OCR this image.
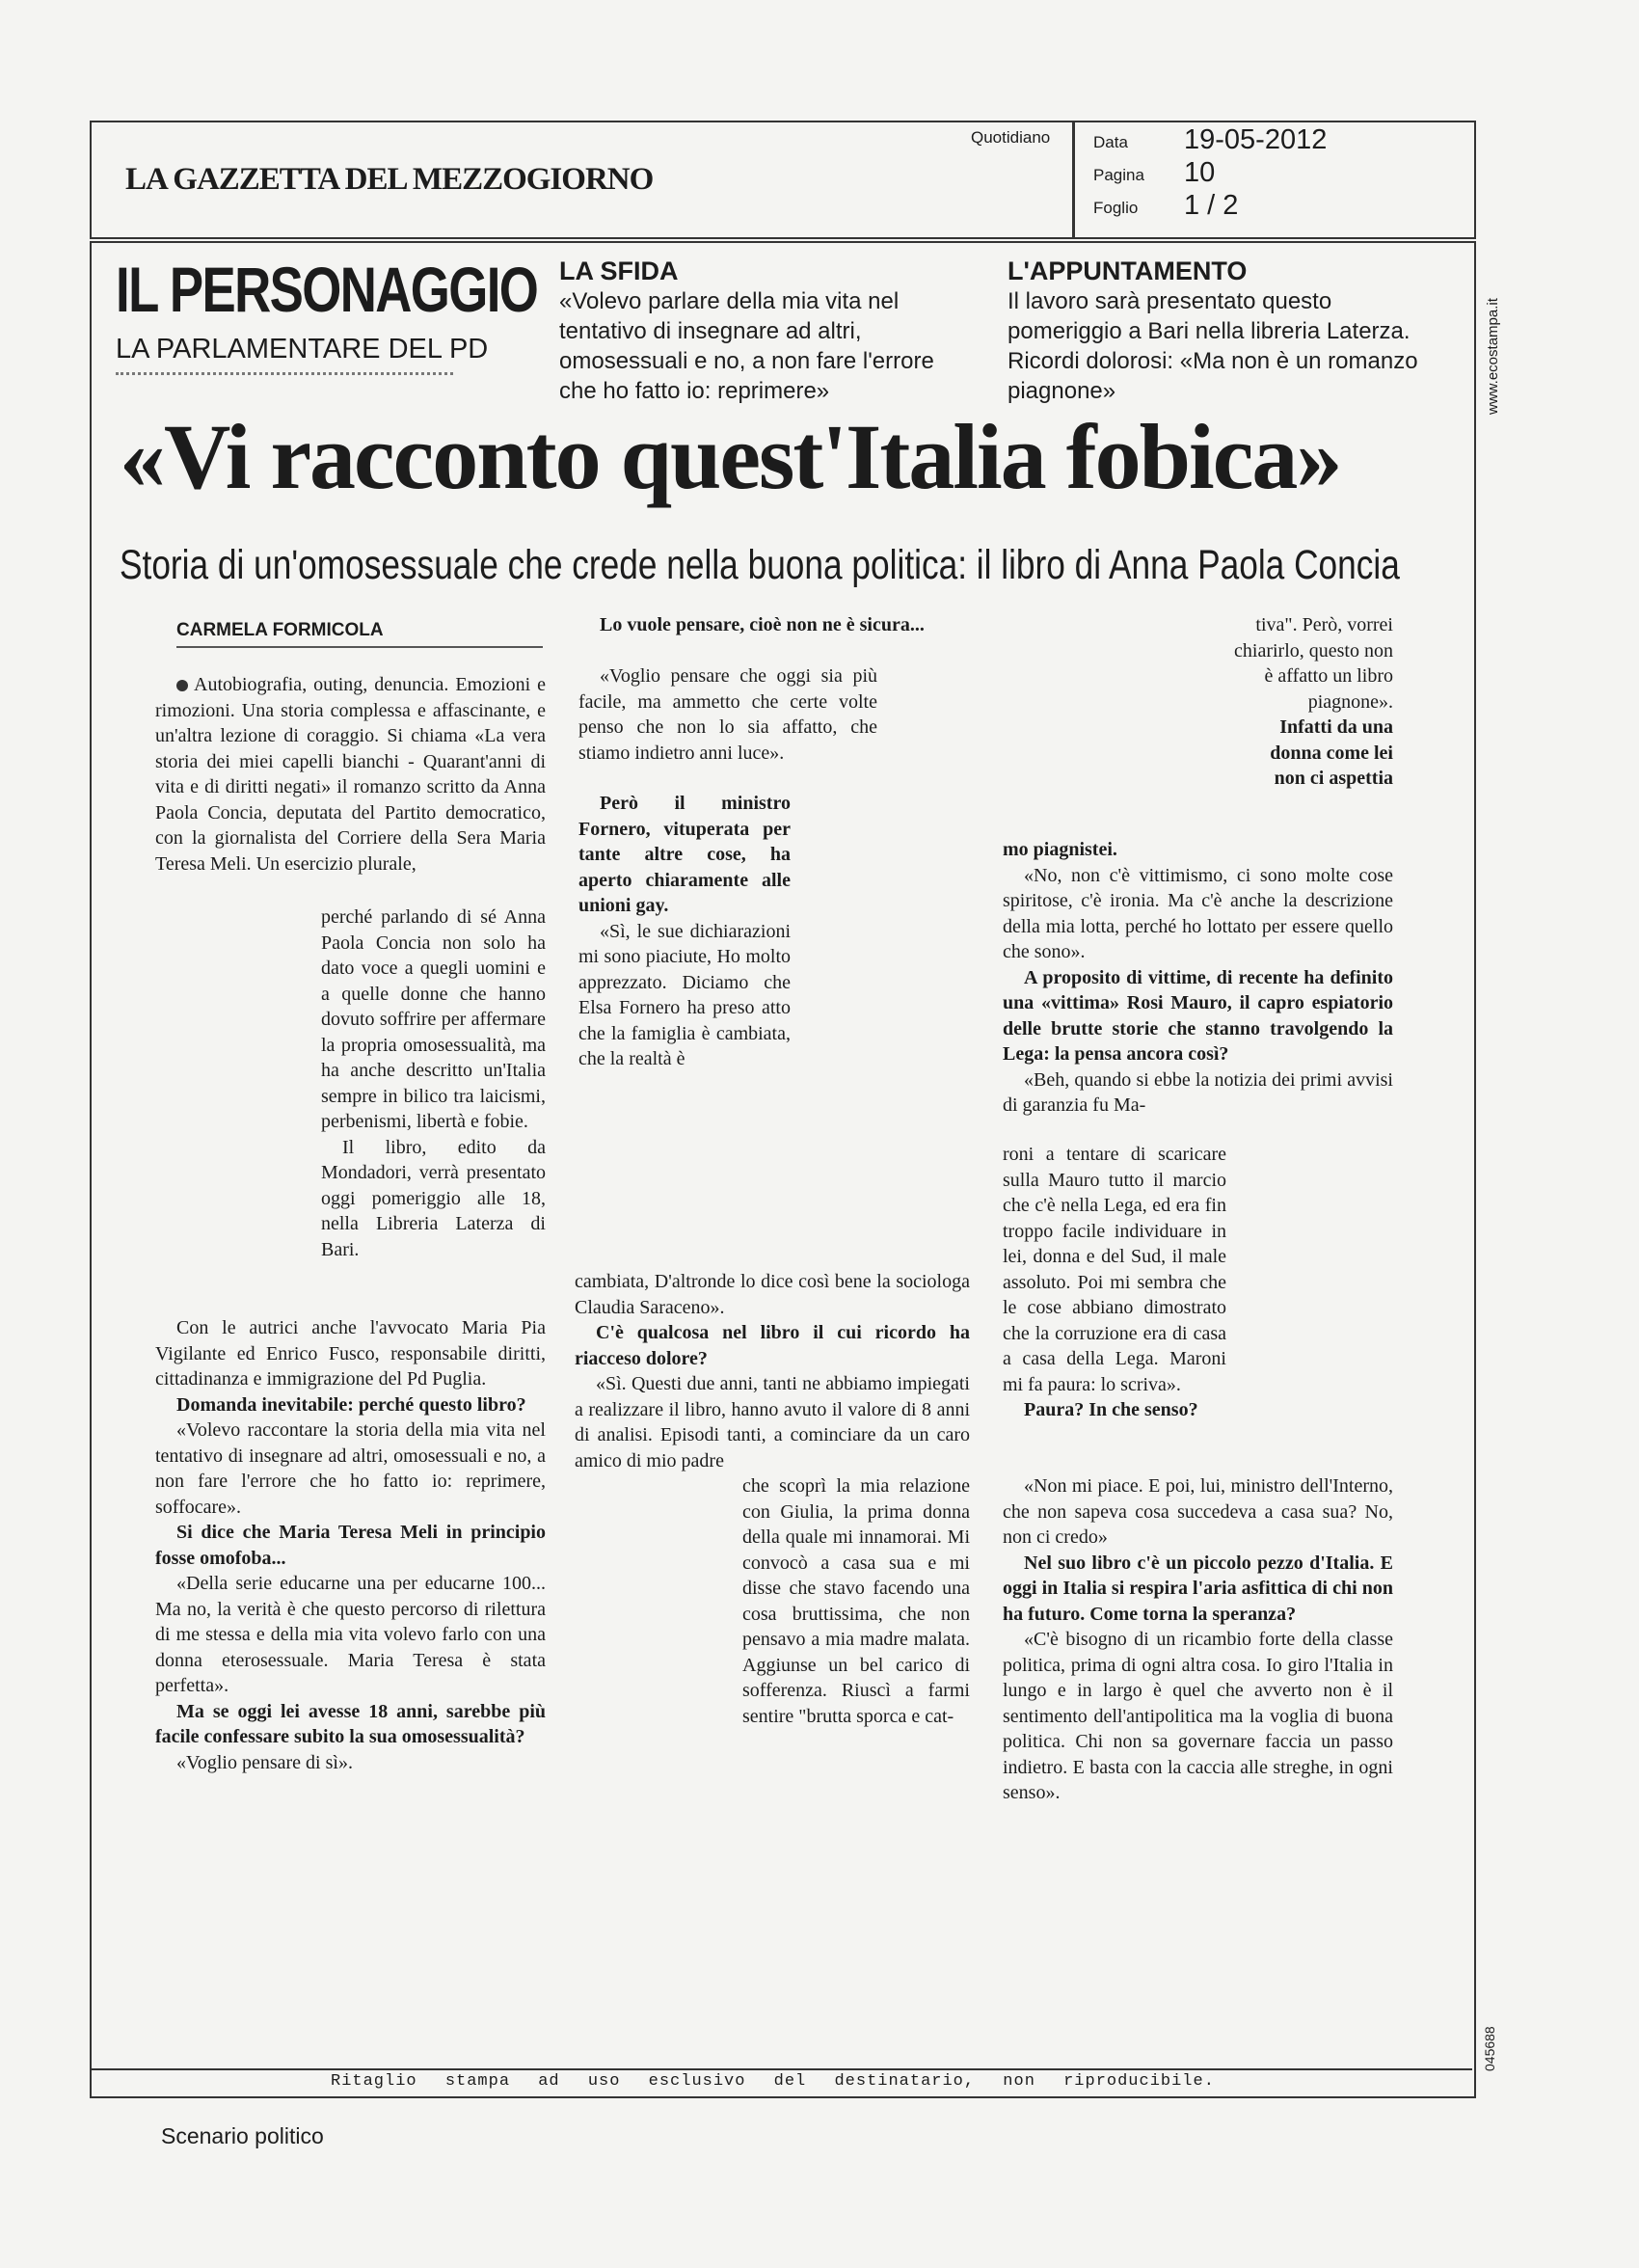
LA GAZZETTA DEL MEZZOGIORNO
Quotidiano	Data 19-05-2012
Pagina 10
Foglio 1 / 2
IL PERSONAGGIO
LA PARLAMENTARE DEL PD
LA SFIDA
«Volevo parlare della mia vita nel tentativo di insegnare ad altri, omosessuali e no, a non fare l'errore che ho fatto io: reprimere»
L'APPUNTAMENTO
Il lavoro sarà presentato questo pomeriggio a Bari nella libreria Laterza. Ricordi dolorosi: «Ma non è un romanzo piagnone»
«Vi racconto quest'Italia fobica»
Storia di un'omosessuale che crede nella buona politica: il libro di Anna Paola Concia
CARMELA FORMICOLA

Autobiografia, outing, denuncia. Emozioni e rimozioni. Una storia complessa e affascinante, e un'altra lezione di coraggio. Si chiama «La vera storia dei miei capelli bianchi - Quarant'anni di vita e di diritti negati» il romanzo scritto da Anna Paola Concia, deputata del Partito democratico, con la giornalista del Corriere della Sera Maria Teresa Meli. Un esercizio plurale,

perché parlando di sé Anna Paola Concia non solo ha dato voce a quegli uomini e a quelle donne che hanno dovuto soffrire per affermare la propria omosessualità, ma ha anche descritto un'Italia sempre in bilico tra laicismi, perbenismi, libertà e fobie.

Il libro, edito da Mondadori, verrà presentato oggi pomeriggio alle 18, nella Libreria Laterza di Bari.

Con le autrici anche l'avvocato Maria Pia Vigilante ed Enrico Fusco, responsabile diritti, cittadinanza e immigrazione del Pd Puglia.

Domanda inevitabile: perché questo libro?

«Volevo raccontare la storia della mia vita nel tentativo di insegnare ad altri, omosessuali e no, a non fare l'errore che ho fatto io: reprimere, soffocare».

Si dice che Maria Teresa Meli in principio fosse omofoba...

«Della serie educarne una per educarne 100... Ma no, la verità è che questo percorso di rilettura di me stessa e della mia vita volevo farlo con una donna eterosessuale. Maria Teresa è stata perfetta».

Ma se oggi lei avesse 18 anni, sarebbe più facile confessare subito la sua omosessualità?

«Voglio pensare di sì».

Lo vuole pensare, cioè non ne è sicura...

«Voglio pensare che oggi sia più facile, ma ammetto che certe volte penso che non lo sia affatto, che stiamo indietro anni luce».

Però il ministro Fornero, vituperata per tante altre cose, ha aperto chiaramente alle unioni gay.

«Sì, le sue dichiarazioni mi sono piaciute, Ho molto apprezzato. Diciamo che Elsa Fornero ha preso atto che la famiglia è cambiata, che la realtà è

cambiata, D'altronde lo dice così bene la sociologa Claudia Saraceno».

C'è qualcosa nel libro il cui ricordo ha riacceso dolore?

«Sì. Questi due anni, tanti ne abbiamo impiegati a realizzare il libro, hanno avuto il valore di 8 anni di analisi. Episodi tanti, a cominciare da un caro amico di mio padre

che scoprì la mia relazione con Giulia, la prima donna della quale mi innamorai. Mi convocò a casa sua e mi disse che stavo facendo una cosa bruttissima, che non pensavo a mia madre malata. Aggiunse un bel carico di sofferenza. Riuscì a farmi sentire "brutta sporca e cat-

tiva". Però, vorrei chiarirlo, questo non è affatto un libro piagnone».

Infatti da una donna come lei non ci aspettia

mo piagnistei.

«No, non c'è vittimismo, ci sono molte cose spiritose, c'è ironia. Ma c'è anche la descrizione della mia lotta, perché ho lottato per essere quello che sono».

A proposito di vittime, di recente ha definito una «vittima» Rosi Mauro, il capro espiatorio delle brutte storie che stanno travolgendo la Lega: la pensa ancora così?

«Beh, quando si ebbe la notizia dei primi avvisi di garanzia fu Ma-

roni a tentare di scaricare sulla Mauro tutto il marcio che c'è nella Lega, ed era fin troppo facile individuare in lei, donna e del Sud, il male assoluto. Poi mi sembra che le cose abbiano dimostrato che la corruzione era di casa a casa della Lega. Maroni mi fa paura: lo scriva».

Paura? In che senso?

«Non mi piace. E poi, lui, ministro dell'Interno, che non sapeva cosa succedeva a casa sua? No, non ci credo»

Nel suo libro c'è un piccolo pezzo d'Italia. E oggi in Italia si respira l'aria asfittica di chi non ha futuro. Come torna la speranza?

«C'è bisogno di un ricambio forte della classe politica, prima di ogni altra cosa. Io giro l'Italia in lungo e in largo è quel che avverto non è il sentimento dell'antipolitica ma la voglia di buona politica. Chi non sa governare faccia un passo indietro. E basta con la caccia alle streghe, in ogni senso».

Ritaglio stampa ad uso esclusivo del destinatario, non riproducibile.
www.ecostampa.it
045688
Scenario politico
